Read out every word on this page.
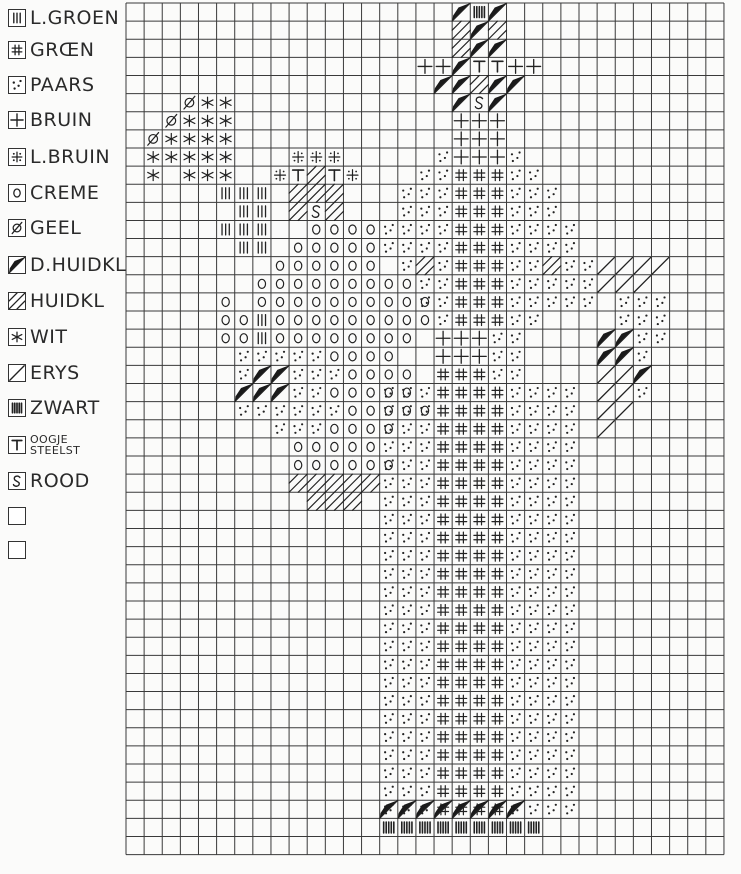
L.GROEN
GRŒN
PAARS
BRUIN
L.BRUIN
CREME
GEEL
D.HUIDKL
HUIDKL
WIT
ERYS
ZWART
OOGJE
STEELST
ROOD
